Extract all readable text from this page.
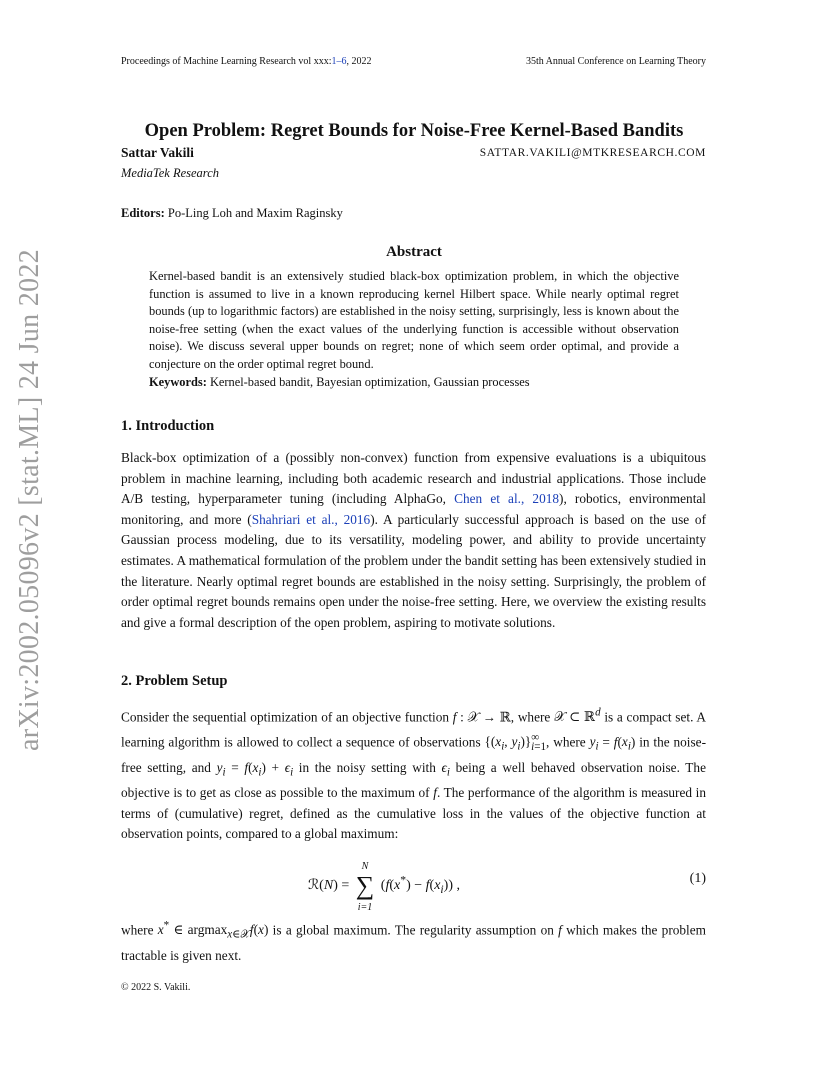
Proceedings of Machine Learning Research vol xxx:1–6, 2022	35th Annual Conference on Learning Theory
arXiv:2002.05096v2 [stat.ML] 24 Jun 2022
Open Problem: Regret Bounds for Noise-Free Kernel-Based Bandits
Sattar Vakili	SATTAR.VAKILI@MTKRESEARCH.COM
MediaTek Research
Editors: Po-Ling Loh and Maxim Raginsky
Abstract

Kernel-based bandit is an extensively studied black-box optimization problem, in which the objective function is assumed to live in a known reproducing kernel Hilbert space. While nearly optimal regret bounds (up to logarithmic factors) are established in the noisy setting, surprisingly, less is known about the noise-free setting (when the exact values of the underlying function is accessible without observation noise). We discuss several upper bounds on regret; none of which seem order optimal, and provide a conjecture on the order optimal regret bound.

Keywords: Kernel-based bandit, Bayesian optimization, Gaussian processes

1. Introduction

Black-box optimization of a (possibly non-convex) function from expensive evaluations is a ubiquitous problem in machine learning, including both academic research and industrial applications. Those include A/B testing, hyperparameter tuning (including AlphaGo, Chen et al., 2018), robotics, environmental monitoring, and more (Shahriari et al., 2016). A particularly successful approach is based on the use of Gaussian process modeling, due to its versatility, modeling power, and ability to provide uncertainty estimates. A mathematical formulation of the problem under the bandit setting has been extensively studied in the literature. Nearly optimal regret bounds are established in the noisy setting. Surprisingly, the problem of order optimal regret bounds remains open under the noise-free setting. Here, we overview the existing results and give a formal description of the open problem, aspiring to motivate solutions.

2. Problem Setup

Consider the sequential optimization of an objective function f : 𝒳 → ℝ, where 𝒳 ⊂ ℝ$^d$ is a compact set. A learning algorithm is allowed to collect a sequence of observations {($x_i$, $y_i)\}^\infty_{i=1}$, where $y_i = f(x_i)$ in the noise-free setting, and $y_i = f(x_i) + \epsilon_i$ in the noisy setting with $\epsilon_i$ being a well behaved observation noise. The objective is to get as close as possible to the maximum of f. The performance of the algorithm is measured in terms of (cumulative) regret, defined as the cumulative loss in the values of the objective function at observation points, compared to a global maximum:

ℛ(N) = ∑
N
i=1
$(f(x^*) - f(x_i))$ ,	(1)

where x* ∈ argmax$_{x\in 𝒳}$f(x) is a global maximum. The regularity assumption on f which makes the problem tractable is given next.

© 2022 S. Vakili.
